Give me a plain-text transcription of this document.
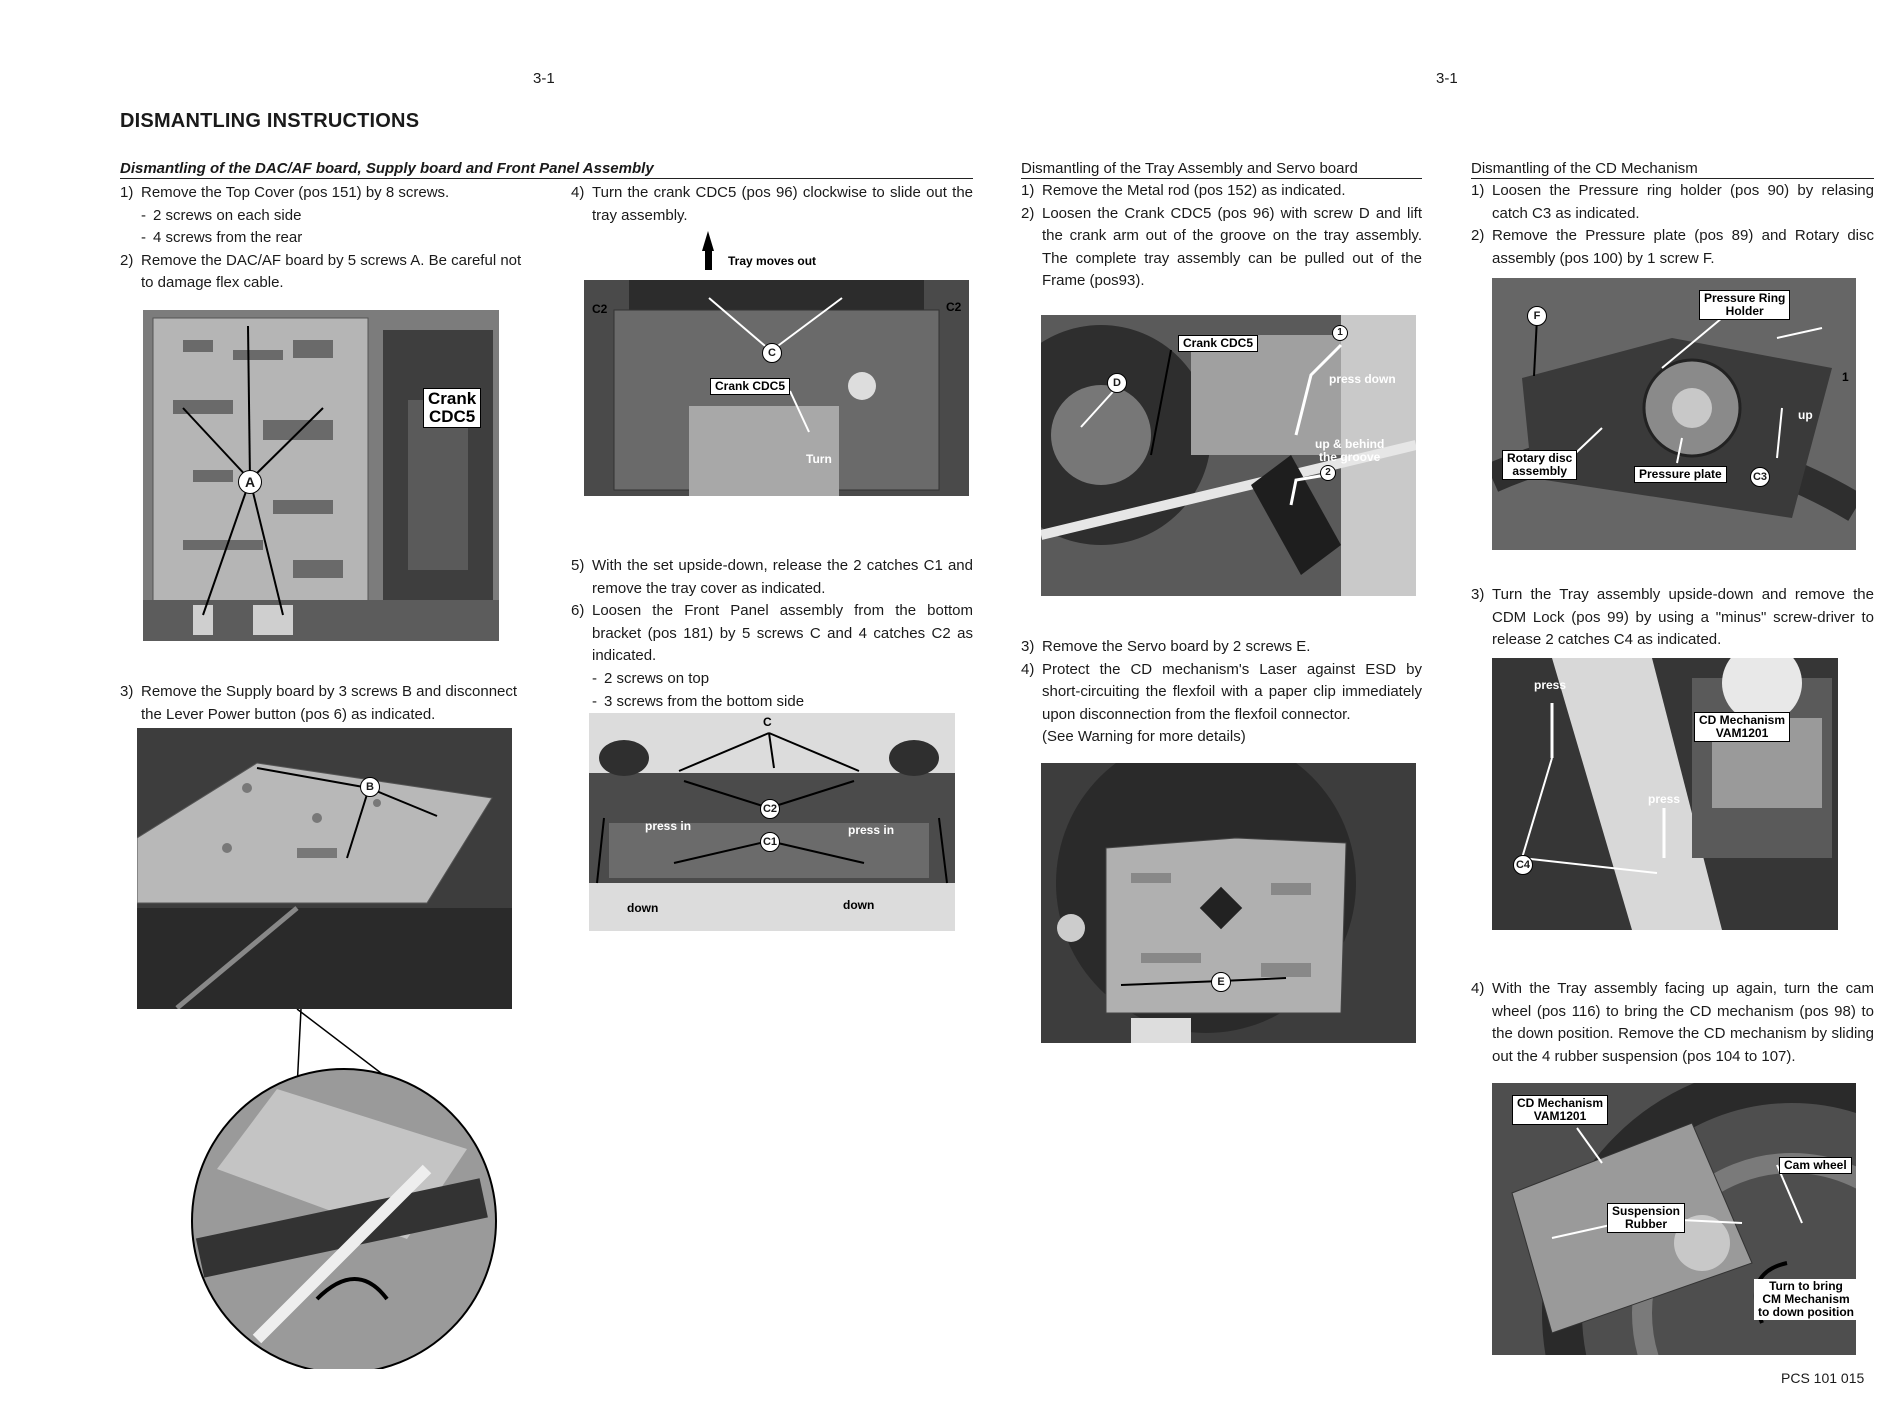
3-1	3-1
DISMANTLING INSTRUCTIONS
Dismantling of the DAC/AF board, Supply board and Front Panel Assembly
1) Remove the Top Cover (pos 151) by 8 screws.
- 2 screws on each side
- 4 screws from the rear
2) Remove the DAC/AF board by 5 screws A. Be careful not to damage flex cable.
Crank
CDC5
A
3) Remove the Supply board by 3 screws B and disconnect the Lever Power button (pos 6) as indicated.
B
4) Turn the crank CDC5 (pos 96) clockwise to slide out the tray assembly.
Tray moves out
C2	C2
C
Crank CDC5
Turn
5) With the set upside-down, release the 2 catches C1 and remove the tray cover as indicated.
6) Loosen the Front Panel assembly from the bottom bracket (pos 181) by 5 screws C and 4 catches C2 as indicated.
- 2 screws on top
- 3 screws from the bottom side
C
C2
C1
press in	press in
down	down
Dismantling of the Tray Assembly and Servo board
1) Remove the Metal rod (pos 152) as indicated.
2) Loosen the Crank CDC5 (pos 96) with screw D and lift the crank arm out of the groove on the tray assembly. The complete tray assembly can be pulled out of the Frame (pos93).
Crank CDC5
D
1
2
press down
up & behind
the groove
3) Remove the Servo board by 2 screws E.
4) Protect the CD mechanism's Laser against ESD by short-circuiting the flexfoil with a paper clip immediately upon disconnection from the flexfoil connector.
(See Warning for more details)
E
Dismantling of the CD Mechanism
1) Loosen the Pressure ring holder (pos 90) by relasing catch C3 as indicated.
2) Remove the Pressure plate (pos 89) and Rotary disc assembly (pos 100) by 1 screw F.
Pressure Ring
Holder
F
1
up
Rotary disc
assembly	Pressure plate	C3
3) Turn the Tray assembly upside-down and remove the CDM Lock (pos 99) by using a "minus" screw-driver to release 2 catches C4 as indicated.
press
CD Mechanism
VAM1201
press
C4
4) With the Tray assembly facing up again, turn the cam wheel (pos 116) to bring the CD mechanism (pos 98) to the down position. Remove the CD mechanism by sliding out the 4 rubber suspension (pos 104 to 107).
CD Mechanism
VAM1201
Cam wheel
Suspension
Rubber
Turn to bring
CM Mechanism
to down position
PCS 101 015
